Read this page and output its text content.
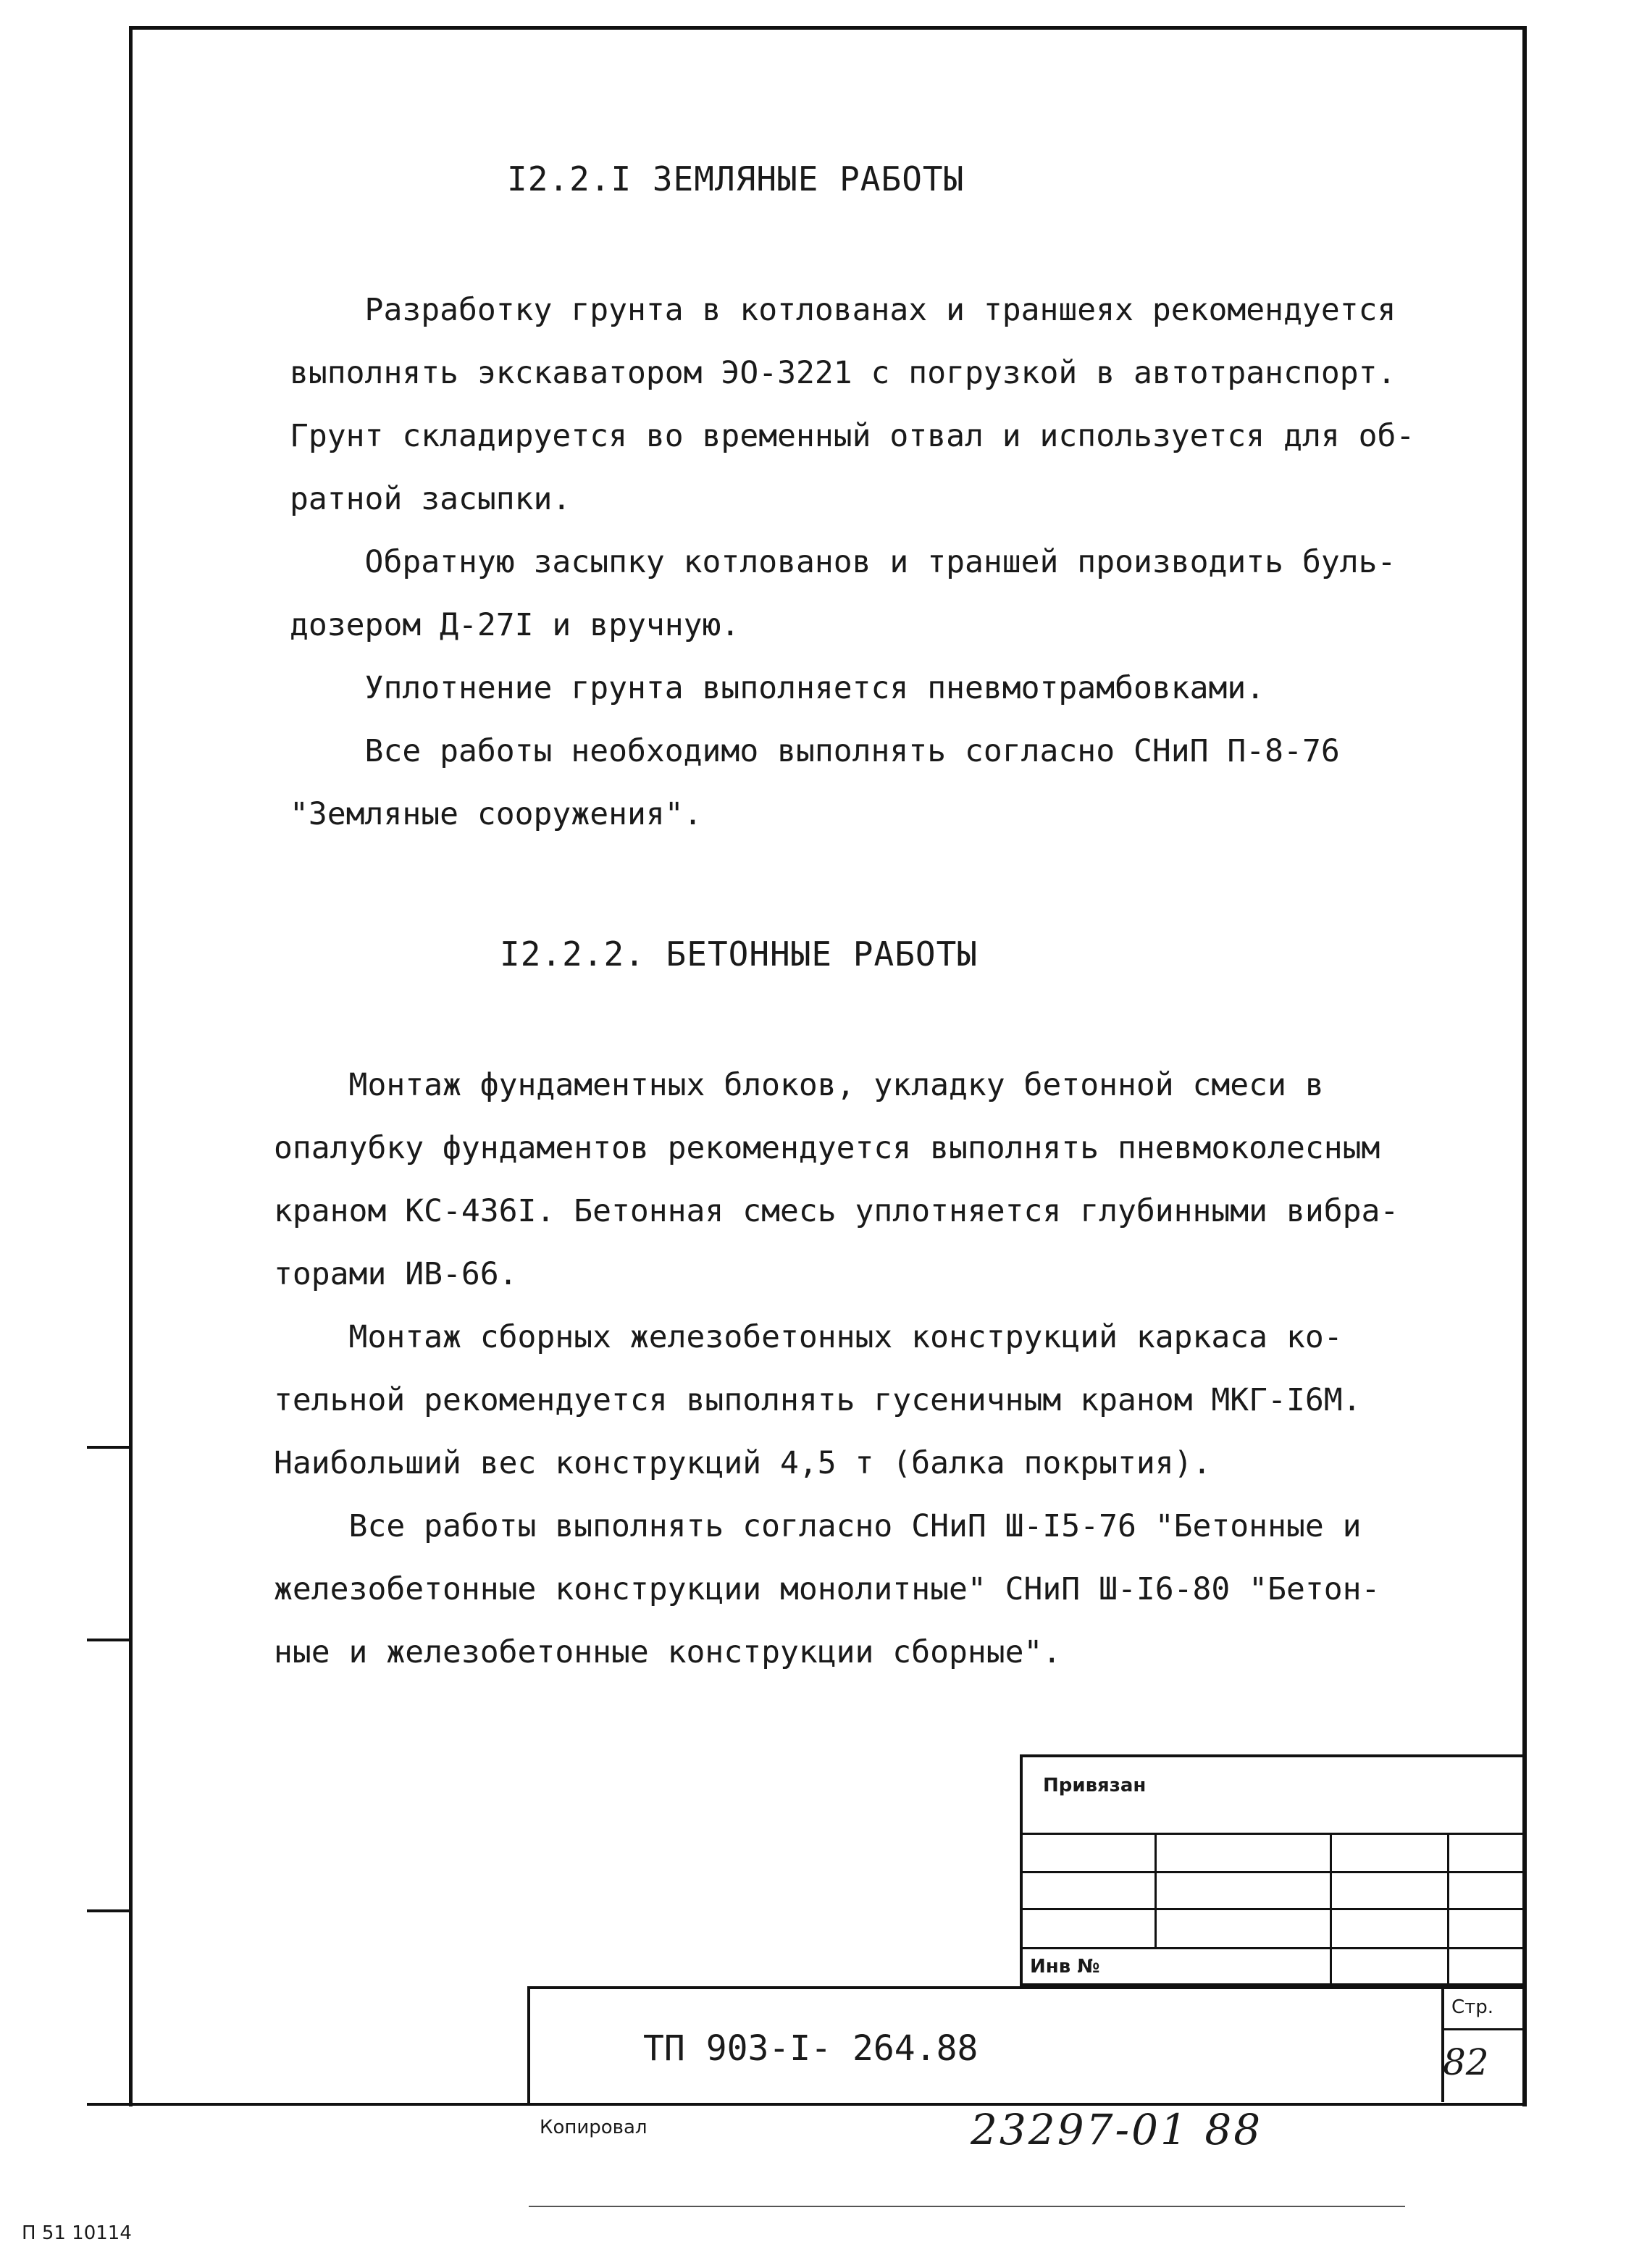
I2.2.I ЗЕМЛЯНЫЕ РАБОТЫ
Разработку грунта в котлованах и траншеях рекомендуется
выполнять экскаватором ЭО-3221 с погрузкой в автотранспорт.
Грунт складируется во временный отвал и используется для об-
ратной засыпки.
Обратную засыпку котлованов и траншей производить буль-
дозером Д-27I и вручную.
Уплотнение грунта выполняется пневмотрамбовками.
Все работы необходимо выполнять согласно СНиП П-8-76
"Земляные сооружения".
I2.2.2. БЕТОННЫЕ РАБОТЫ
Монтаж фундаментных блоков, укладку бетонной смеси в
опалубку фундаментов рекомендуется выполнять пневмоколесным
краном КС-436I. Бетонная смесь уплотняется глубинными вибра-
торами ИВ-66.
Монтаж сборных железобетонных конструкций каркаса ко-
тельной рекомендуется выполнять гусеничным краном МКГ-I6М.
Наибольший вес конструкций 4,5 т (балка покрытия).
Все работы выполнять согласно СНиП Ш-I5-76 "Бетонные и
железобетонные конструкции монолитные" СНиП Ш-I6-80 "Бетон-
ные и железобетонные конструкции сборные".
Привязан
Инв №
ТП 903-I- 264.88
Стр.
82
Копировал	23297-01 88
П 51 10114
